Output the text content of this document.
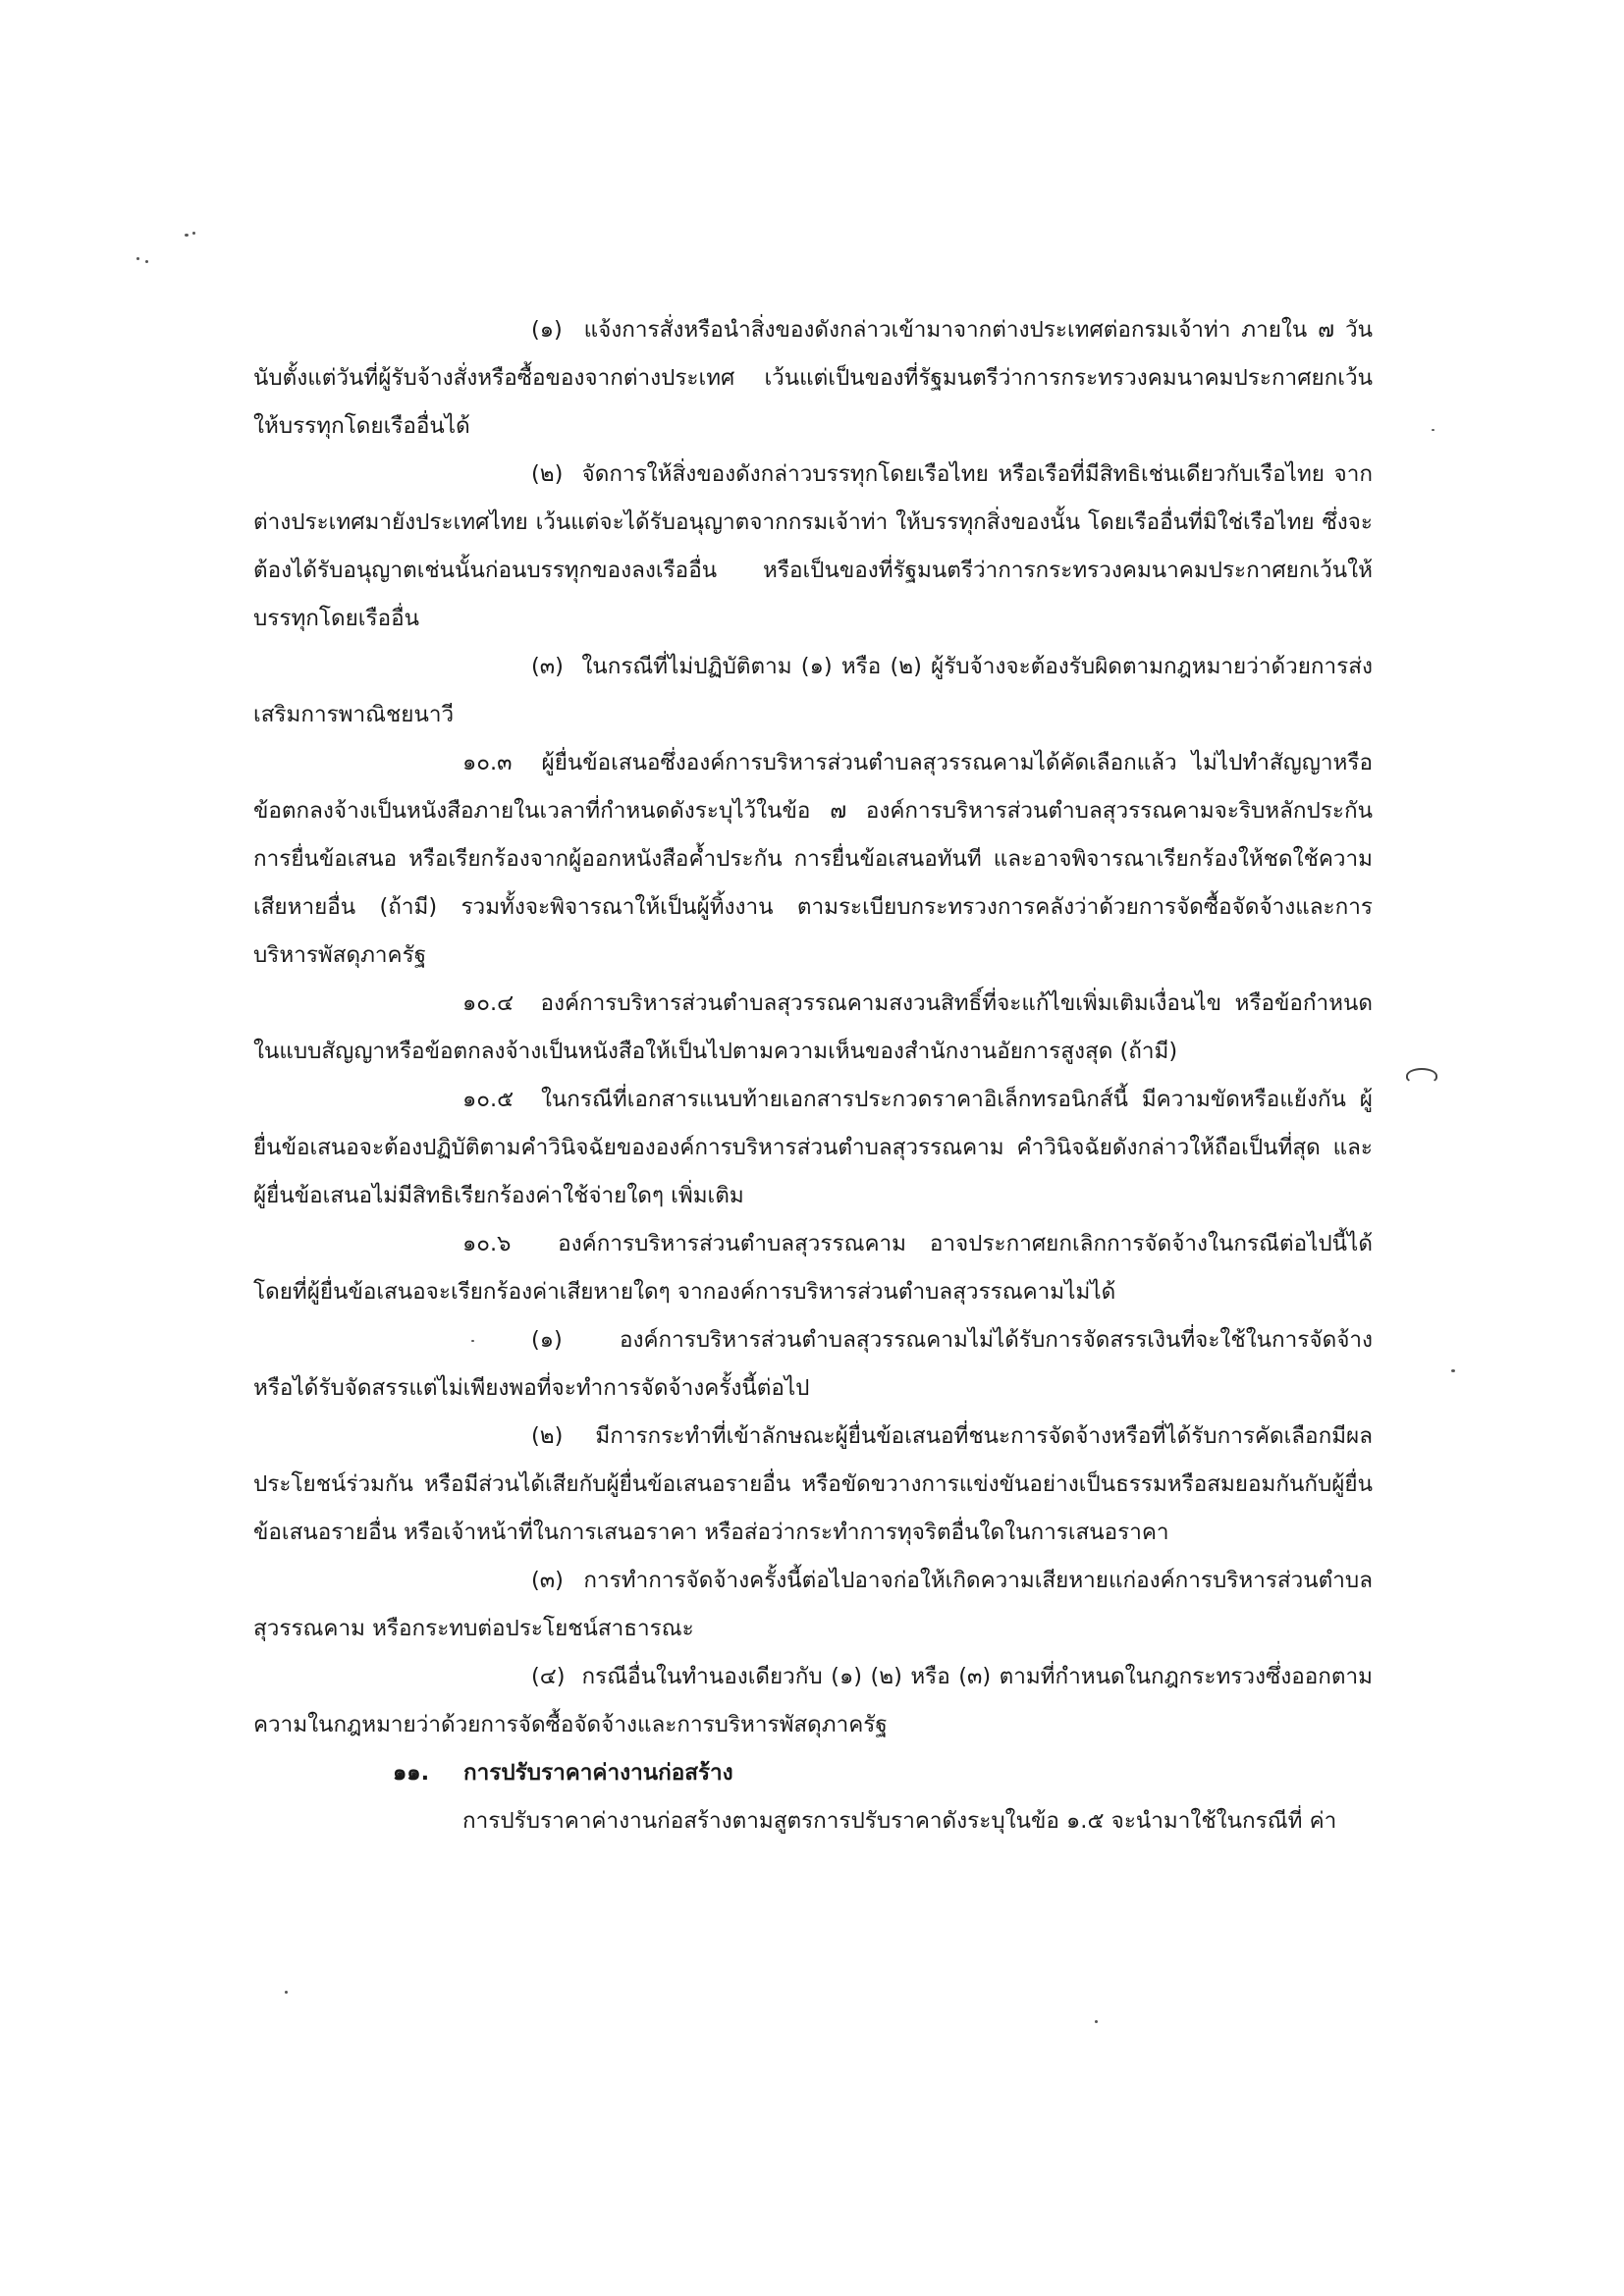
(๑)  แจ้งการสั่งหรือนำสิ่งของดังกล่าวเข้ามาจากต่างประเทศต่อกรมเจ้าท่า ภายใน ๗ วัน นับตั้งแต่วันที่ผู้รับจ้างสั่งหรือซื้อของจากต่างประเทศ เว้นแต่เป็นของที่รัฐมนตรีว่าการกระทรวงคมนาคมประกาศยกเว้นให้บรรทุกโดยเรืออื่นได้

(๒)  จัดการให้สิ่งของดังกล่าวบรรทุกโดยเรือไทย หรือเรือที่มีสิทธิเช่นเดียวกับเรือไทย จากต่างประเทศมายังประเทศไทย เว้นแต่จะได้รับอนุญาตจากกรมเจ้าท่า ให้บรรทุกสิ่งของนั้น โดยเรืออื่นที่มิใช่เรือไทย ซึ่งจะต้องได้รับอนุญาตเช่นนั้นก่อนบรรทุกของลงเรืออื่น หรือเป็นของที่รัฐมนตรีว่าการกระทรวงคมนาคมประกาศยกเว้นให้บรรทุกโดยเรืออื่น

(๓)  ในกรณีที่ไม่ปฏิบัติตาม (๑) หรือ (๒) ผู้รับจ้างจะต้องรับผิดตามกฎหมายว่าด้วยการส่งเสริมการพาณิชยนาวี

๑๐.๓  ผู้ยื่นข้อเสนอซึ่งองค์การบริหารส่วนตำบลสุวรรณคามได้คัดเลือกแล้ว ไม่ไปทำสัญญาหรือข้อตกลงจ้างเป็นหนังสือภายในเวลาที่กำหนดดังระบุไว้ในข้อ ๗ องค์การบริหารส่วนตำบลสุวรรณคามจะริบหลักประกันการยื่นข้อเสนอ หรือเรียกร้องจากผู้ออกหนังสือค้ำประกัน การยื่นข้อเสนอทันที และอาจพิจารณาเรียกร้องให้ชดใช้ความเสียหายอื่น (ถ้ามี) รวมทั้งจะพิจารณาให้เป็นผู้ทิ้งงาน ตามระเบียบกระทรวงการคลังว่าด้วยการจัดซื้อจัดจ้างและการบริหารพัสดุภาครัฐ

๑๐.๔  องค์การบริหารส่วนตำบลสุวรรณคามสงวนสิทธิ์ที่จะแก้ไขเพิ่มเติมเงื่อนไข หรือข้อกำหนดในแบบสัญญาหรือข้อตกลงจ้างเป็นหนังสือให้เป็นไปตามความเห็นของสำนักงานอัยการสูงสุด (ถ้ามี)

๑๐.๕  ในกรณีที่เอกสารแนบท้ายเอกสารประกวดราคาอิเล็กทรอนิกส์นี้ มีความขัดหรือแย้งกัน ผู้ยื่นข้อเสนอจะต้องปฏิบัติตามคำวินิจฉัยขององค์การบริหารส่วนตำบลสุวรรณคาม คำวินิจฉัยดังกล่าวให้ถือเป็นที่สุด และผู้ยื่นข้อเสนอไม่มีสิทธิเรียกร้องค่าใช้จ่ายใดๆ เพิ่มเติม

๑๐.๖  องค์การบริหารส่วนตำบลสุวรรณคาม อาจประกาศยกเลิกการจัดจ้างในกรณีต่อไปนี้ได้ โดยที่ผู้ยื่นข้อเสนอจะเรียกร้องค่าเสียหายใดๆ จากองค์การบริหารส่วนตำบลสุวรรณคามไม่ได้

(๑)  องค์การบริหารส่วนตำบลสุวรรณคามไม่ได้รับการจัดสรรเงินที่จะใช้ในการจัดจ้าง หรือได้รับจัดสรรแต่ไม่เพียงพอที่จะทำการจัดจ้างครั้งนี้ต่อไป

(๒)  มีการกระทำที่เข้าลักษณะผู้ยื่นข้อเสนอที่ชนะการจัดจ้างหรือที่ได้รับการคัดเลือกมีผลประโยชน์ร่วมกัน หรือมีส่วนได้เสียกับผู้ยื่นข้อเสนอรายอื่น หรือขัดขวางการแข่งขันอย่างเป็นธรรมหรือสมยอมกันกับผู้ยื่นข้อเสนอรายอื่น หรือเจ้าหน้าที่ในการเสนอราคา หรือส่อว่ากระทำการทุจริตอื่นใดในการเสนอราคา

(๓)  การทำการจัดจ้างครั้งนี้ต่อไปอาจก่อให้เกิดความเสียหายแก่องค์การบริหารส่วนตำบลสุวรรณคาม หรือกระทบต่อประโยชน์สาธารณะ

(๔)  กรณีอื่นในทำนองเดียวกับ (๑) (๒) หรือ (๓) ตามที่กำหนดในกฎกระทรวงซึ่งออกตามความในกฎหมายว่าด้วยการจัดซื้อจัดจ้างและการบริหารพัสดุภาครัฐ

๑๑. การปรับราคาค่างานก่อสร้าง

การปรับราคาค่างานก่อสร้างตามสูตรการปรับราคาดังระบุในข้อ ๑.๕ จะนำมาใช้ในกรณีที่ ค่า
